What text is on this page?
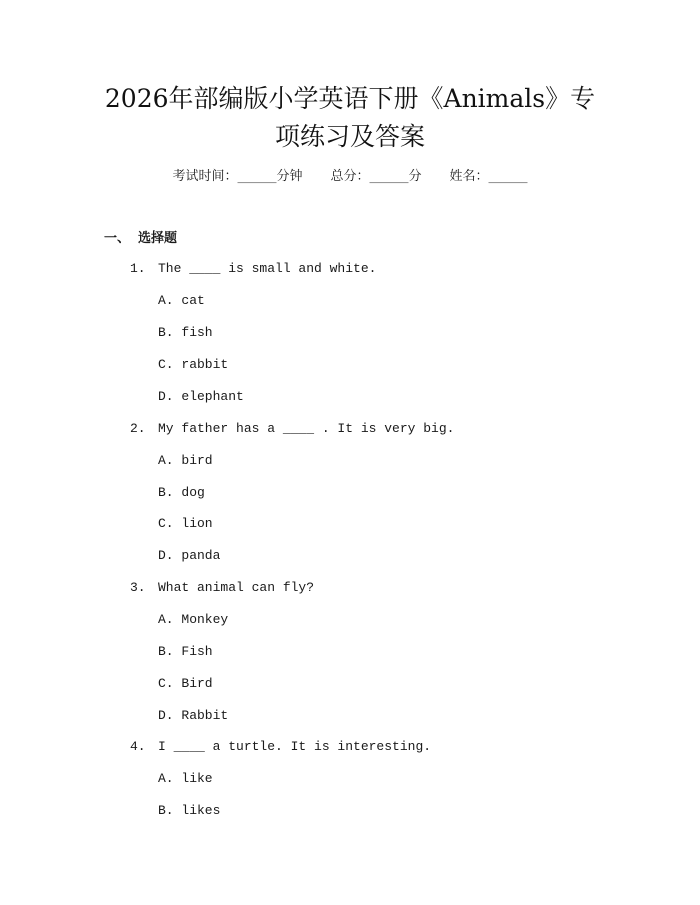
2026年部编版小学英语下册《Animals》专
项练习及答案
考试时间：______分钟 总分：______分 姓名：______
一、 选择题
1. The ____ is small and white.
A. cat
B. fish
C. rabbit
D. elephant
2. My father has a ____ . It is very big.
A. bird
B. dog
C. lion
D. panda
3. What animal can fly?
A. Monkey
B. Fish
C. Bird
D. Rabbit
4. I ____ a turtle. It is interesting.
A. like
B. likes
